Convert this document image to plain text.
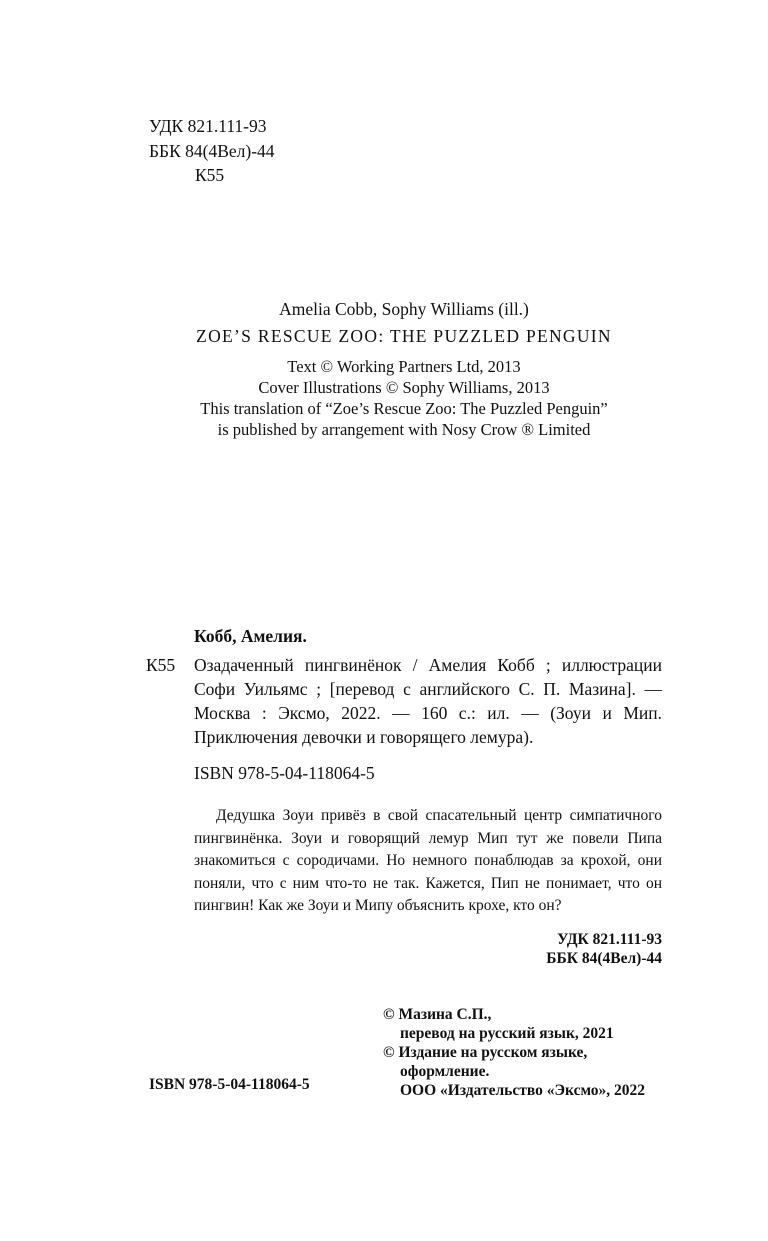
УДК 821.111-93
ББК 84(4Вел)-44
К55
Amelia Cobb, Sophy Williams (ill.)
ZOE’S RESCUE ZOO: THE PUZZLED PENGUIN
Text © Working Partners Ltd, 2013
Cover Illustrations © Sophy Williams, 2013
This translation of “Zoe’s Rescue Zoo: The Puzzled Penguin”
is published by arrangement with Nosy Crow ® Limited
Кобб, Амелия.
К55 Озадаченный пингвинёнок / Амелия Кобб ; иллюстрации Софи Уильямс ; [перевод с английского С. П. Мазина]. — Москва : Эксмо, 2022. — 160 с.: ил. — (Зоуи и Мип. Приключения девочки и говорящего лемура).
ISBN 978-5-04-118064-5
Дедушка Зоуи привёз в свой спасательный центр симпатичного пингвинёнка. Зоуи и говорящий лемур Мип тут же повели Пипа знакомиться с сородичами. Но немного понаблюдав за крохой, они поняли, что с ним что-то не так. Кажется, Пип не понимает, что он пингвин! Как же Зоуи и Мипу объяснить крохе, кто он?
УДК 821.111-93
ББК 84(4Вел)-44
© Мазина С.П.,
перевод на русский язык, 2021
© Издание на русском языке,
оформление.
ООО «Издательство «Эксмо», 2022
ISBN 978-5-04-118064-5
